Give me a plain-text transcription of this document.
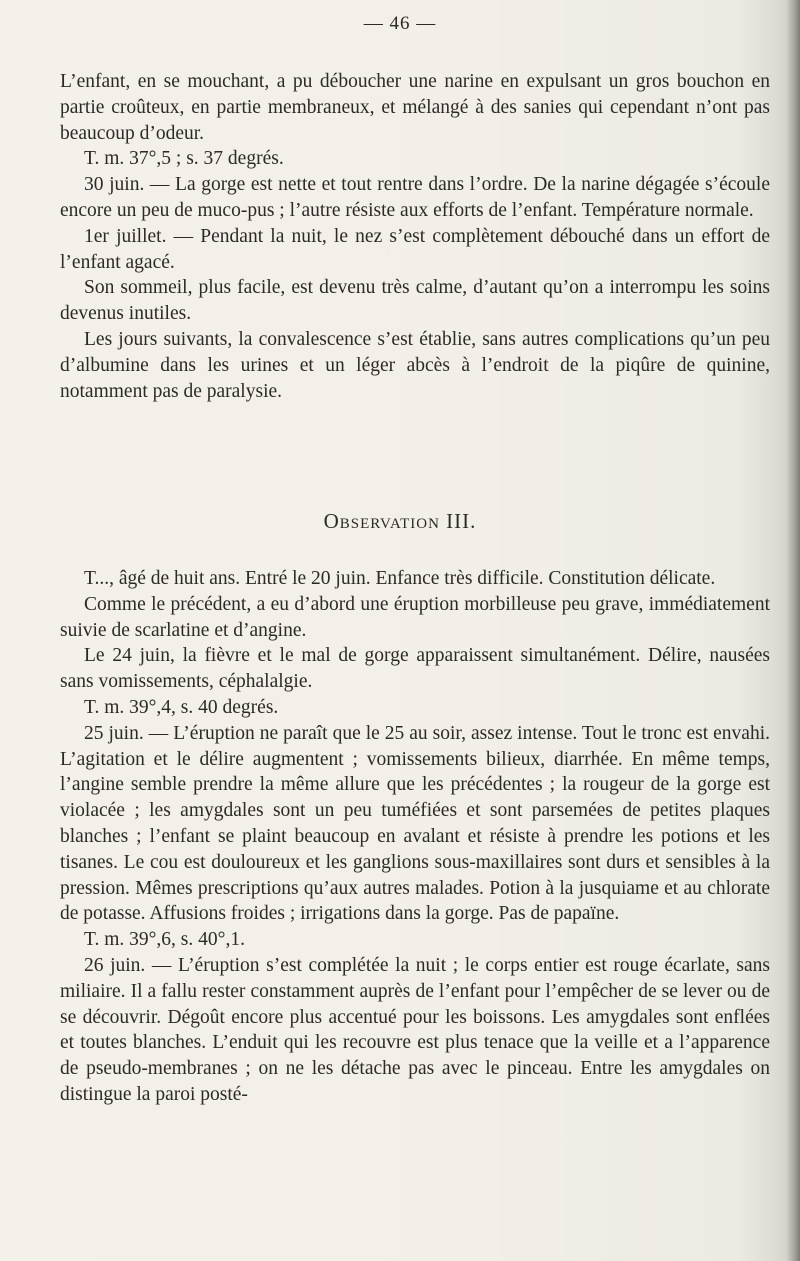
— 46 —

L’enfant, en se mouchant, a pu déboucher une narine en expulsant un gros bouchon en partie croûteux, en partie membraneux, et mélangé à des sanies qui cependant n’ont pas beaucoup d’odeur.

T. m. 37°,5 ; s. 37 degrés.

30 juin. — La gorge est nette et tout rentre dans l’ordre. De la narine dégagée s’écoule encore un peu de muco-pus ; l’autre résiste aux efforts de l’enfant. Température normale.

1er juillet. — Pendant la nuit, le nez s’est complètement débouché dans un effort de l’enfant agacé.

Son sommeil, plus facile, est devenu très calme, d’autant qu’on a interrompu les soins devenus inutiles.

Les jours suivants, la convalescence s’est établie, sans autres complications qu’un peu d’albumine dans les urines et un léger abcès à l’endroit de la piqûre de quinine, notamment pas de paralysie.

Observation III.

T..., âgé de huit ans. Entré le 20 juin. Enfance très difficile. Constitution délicate.

Comme le précédent, a eu d’abord une éruption morbilleuse peu grave, immédiatement suivie de scarlatine et d’angine.

Le 24 juin, la fièvre et le mal de gorge apparaissent simultanément. Délire, nausées sans vomissements, céphalalgie.

T. m. 39°,4, s. 40 degrés.

25 juin. — L’éruption ne paraît que le 25 au soir, assez intense. Tout le tronc est envahi. L’agitation et le délire augmentent ; vomissements bilieux, diarrhée. En même temps, l’angine semble prendre la même allure que les précédentes ; la rougeur de la gorge est violacée ; les amygdales sont un peu tuméfiées et sont parsemées de petites plaques blanches ; l’enfant se plaint beaucoup en avalant et résiste à prendre les potions et les tisanes. Le cou est douloureux et les ganglions sous-maxillaires sont durs et sensibles à la pression. Mêmes prescriptions qu’aux autres malades. Potion à la jusquiame et au chlorate de potasse. Affusions froides ; irrigations dans la gorge. Pas de papaïne.

T. m. 39°,6, s. 40°,1.

26 juin. — L’éruption s’est complétée la nuit ; le corps entier est rouge écarlate, sans miliaire. Il a fallu rester constamment auprès de l’enfant pour l’empêcher de se lever ou de se découvrir. Dégoût encore plus accentué pour les boissons. Les amygdales sont enflées et toutes blanches. L’enduit qui les recouvre est plus tenace que la veille et a l’apparence de pseudo-membranes ; on ne les détache pas avec le pinceau. Entre les amygdales on distingue la paroi posté-
